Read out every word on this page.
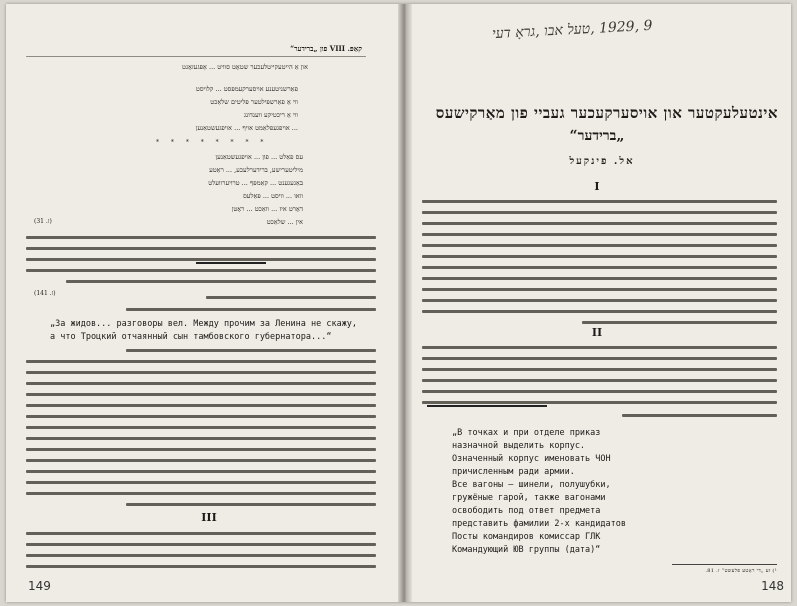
קאַפּ. VIII פון „ברידער“
און אַ הייטעקייטלעכער שטאָט סוויט ... אָפּגעזאָגט
פאַרשניטענע אויסערקעמפּסט ... קלויסט
ווי אַ פאַרשפּילטער פּליטים שלאַכט
ווי אַ ריכטיקע ווענדונג
... אויפגעפלאַמט אויף ... אויפגעשטאַנען
* * * * * * * *
עס פאַלט ... פון ... אויפגעשטאַנען
מיליטערישע, ברידערלעכע, ... ראַטע
באַגעגענט ... קאַמפּף ... טרויערוועלט
וואו ... וויסט ... פּאַלעס
דאָרט איז ... וואַכט ... ראָטן
אין ... שלאַכט
(ז. 31)
(ז. 141)
„За жидов... разговоры вел. Между прочим за Ленина не скажу,
а что Троцкий отчаянный сын тамбовского губернатора...“
III
149
9 ,1929 ,טעל אבו ,גראָ דעי
אינטעלעקטער און אויסערקעכער געביי פון מאַרקישעס
„ברידער“
אל. פינקעל
I
II
„В точках и при отделе приказ
назначной выделить корпус.
Означенный корпус именовать ЧОН
причисленным ради армии.
Все вагоны — шинели, полушубки,
гружёные гарой, также вагонами
освободить под ответ предмета
представить фамилии 2-х кандидатов
Посты командиров комиссар ГЛК
Командующий ЮВ группы (дата)“
¹) זע „די ראָטע פלעשט“ ז. 81.
148
